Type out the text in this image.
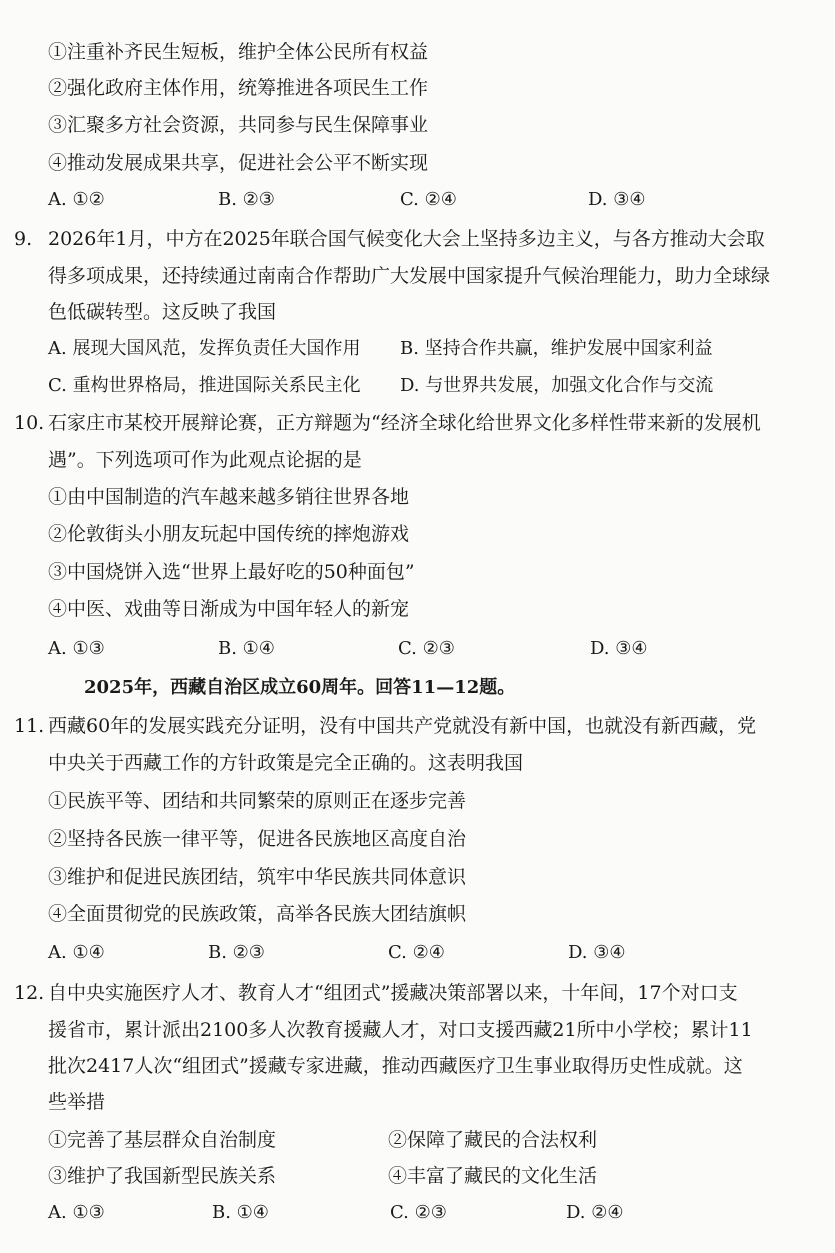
①注重补齐民生短板，维护全体公民所有权益
②强化政府主体作用，统筹推进各项民生工作
③汇聚多方社会资源，共同参与民生保障事业
④推动发展成果共享，促进社会公平不断实现
A. ①②	B. ②③	C. ②④	D. ③④
9. 2026年1月，中方在2025年联合国气候变化大会上坚持多边主义，与各方推动大会取
得多项成果，还持续通过南南合作帮助广大发展中国家提升气候治理能力，助力全球绿
色低碳转型。这反映了我国
A. 展现大国风范，发挥负责任大国作用 B. 坚持合作共赢，维护发展中国家利益
C. 重构世界格局，推进国际关系民主化 D. 与世界共发展，加强文化合作与交流
10. 石家庄市某校开展辩论赛，正方辩题为“经济全球化给世界文化多样性带来新的发展机
遇”。下列选项可作为此观点论据的是
①由中国制造的汽车越来越多销往世界各地
②伦敦街头小朋友玩起中国传统的摔炮游戏
③中国烧饼入选“世界上最好吃的50种面包”
④中医、戏曲等日渐成为中国年轻人的新宠
A. ①③	B. ①④	C. ②③	D. ③④
2025年，西藏自治区成立60周年。回答11—12题。
11. 西藏60年的发展实践充分证明，没有中国共产党就没有新中国，也就没有新西藏，党
中央关于西藏工作的方针政策是完全正确的。这表明我国
①民族平等、团结和共同繁荣的原则正在逐步完善
②坚持各民族一律平等，促进各民族地区高度自治
③维护和促进民族团结，筑牢中华民族共同体意识
④全面贯彻党的民族政策，高举各民族大团结旗帜
A. ①④	B. ②③	C. ②④	D. ③④
12. 自中央实施医疗人才、教育人才“组团式”援藏决策部署以来，十年间，17个对口支
援省市，累计派出2100多人次教育援藏人才，对口支援西藏21所中小学校；累计11
批次2417人次“组团式”援藏专家进藏，推动西藏医疗卫生事业取得历史性成就。这
些举措
①完善了基层群众自治制度	②保障了藏民的合法权利
③维护了我国新型民族关系	④丰富了藏民的文化生活
A. ①③	B. ①④	C. ②③	D. ②④
